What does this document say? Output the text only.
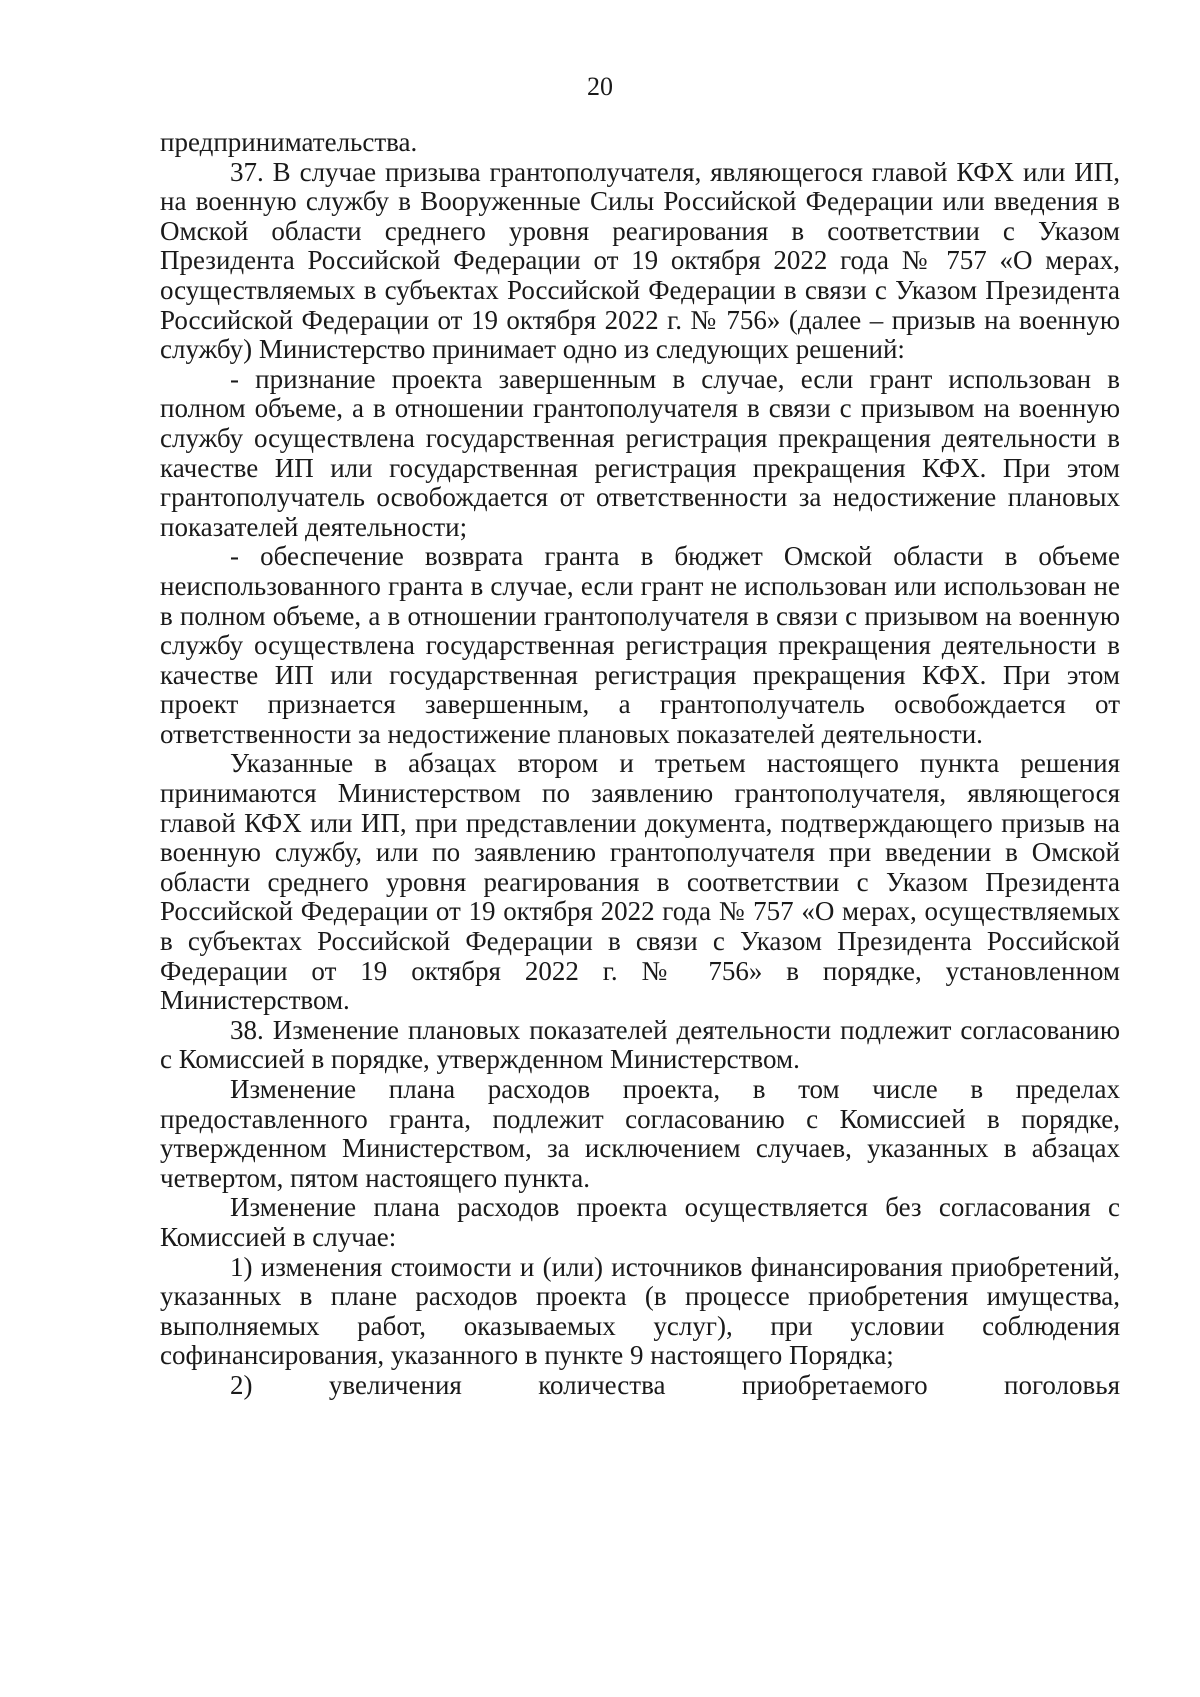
20

предпринимательства.

37. В случае призыва грантополучателя, являющегося главой КФХ или ИП, на военную службу в Вооруженные Силы Российской Федерации или введения в Омской области среднего уровня реагирования в соответствии с Указом Президента Российской Федерации от 19 октября 2022 года № 757 «О мерах, осуществляемых в субъектах Российской Федерации в связи с Указом Президента Российской Федерации от 19 октября 2022 г. № 756» (далее – призыв на военную службу) Министерство принимает одно из следующих решений:

- признание проекта завершенным в случае, если грант использован в полном объеме, а в отношении грантополучателя в связи с призывом на военную службу осуществлена государственная регистрация прекращения деятельности в качестве ИП или государственная регистрация прекращения КФХ. При этом грантополучатель освобождается от ответственности за недостижение плановых показателей деятельности;

- обеспечение возврата гранта в бюджет Омской области в объеме неиспользованного гранта в случае, если грант не использован или использован не в полном объеме, а в отношении грантополучателя в связи с призывом на военную службу осуществлена государственная регистрация прекращения деятельности в качестве ИП или государственная регистрация прекращения КФХ. При этом проект признается завершенным, а грантополучатель освобождается от ответственности за недостижение плановых показателей деятельности.

Указанные в абзацах втором и третьем настоящего пункта решения принимаются Министерством по заявлению грантополучателя, являющегося главой КФХ или ИП, при представлении документа, подтверждающего призыв на военную службу, или по заявлению грантополучателя при введении в Омской области среднего уровня реагирования в соответствии с Указом Президента Российской Федерации от 19 октября 2022 года № 757 «О мерах, осуществляемых в субъектах Российской Федерации в связи с Указом Президента Российской Федерации от 19 октября 2022 г. № 756» в порядке, установленном Министерством.

38. Изменение плановых показателей деятельности подлежит согласованию с Комиссией в порядке, утвержденном Министерством.

Изменение плана расходов проекта, в том числе в пределах предоставленного гранта, подлежит согласованию с Комиссией в порядке, утвержденном Министерством, за исключением случаев, указанных в абзацах четвертом, пятом настоящего пункта.

Изменение плана расходов проекта осуществляется без согласования с Комиссией в случае:

1) изменения стоимости и (или) источников финансирования приобретений, указанных в плане расходов проекта (в процессе приобретения имущества, выполняемых работ, оказываемых услуг), при условии соблюдения софинансирования, указанного в пункте 9 настоящего Порядка;

2) увеличения количества приобретаемого поголовья
